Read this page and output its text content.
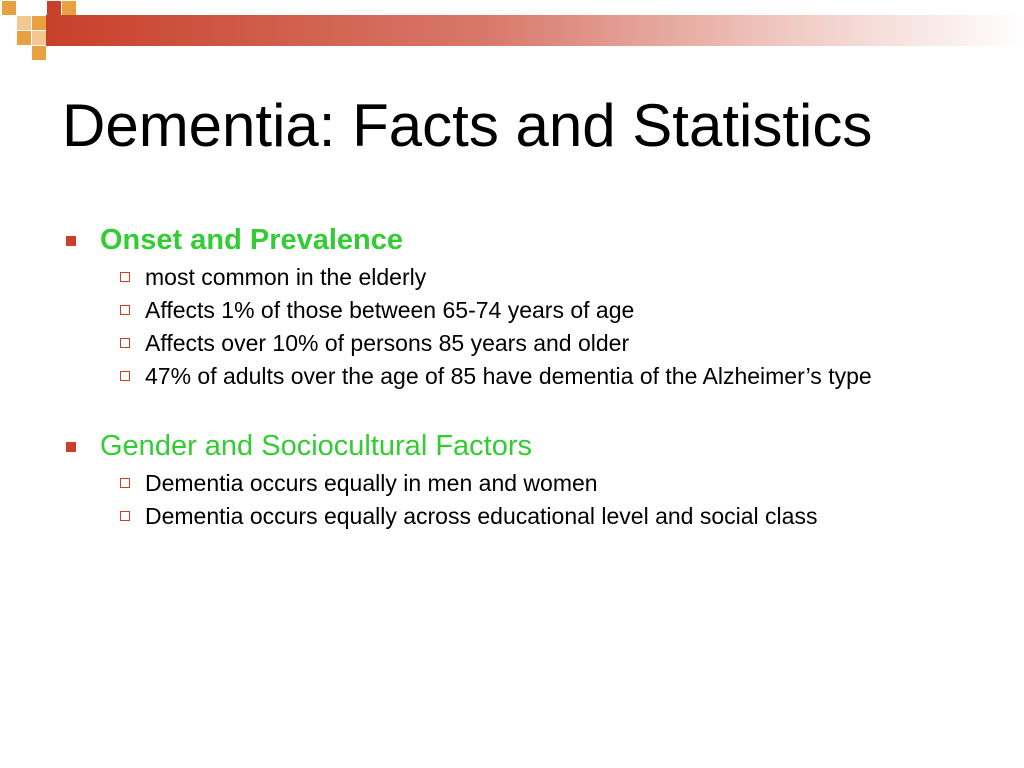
Dementia: Facts and Statistics
Onset and Prevalence
most common in the elderly
Affects 1% of those between 65-74 years of age
Affects over 10% of persons 85 years and older
47% of adults over the age of 85 have dementia of the Alzheimer’s type
Gender and Sociocultural Factors
Dementia occurs equally in men and women
Dementia occurs equally across educational level and social class
